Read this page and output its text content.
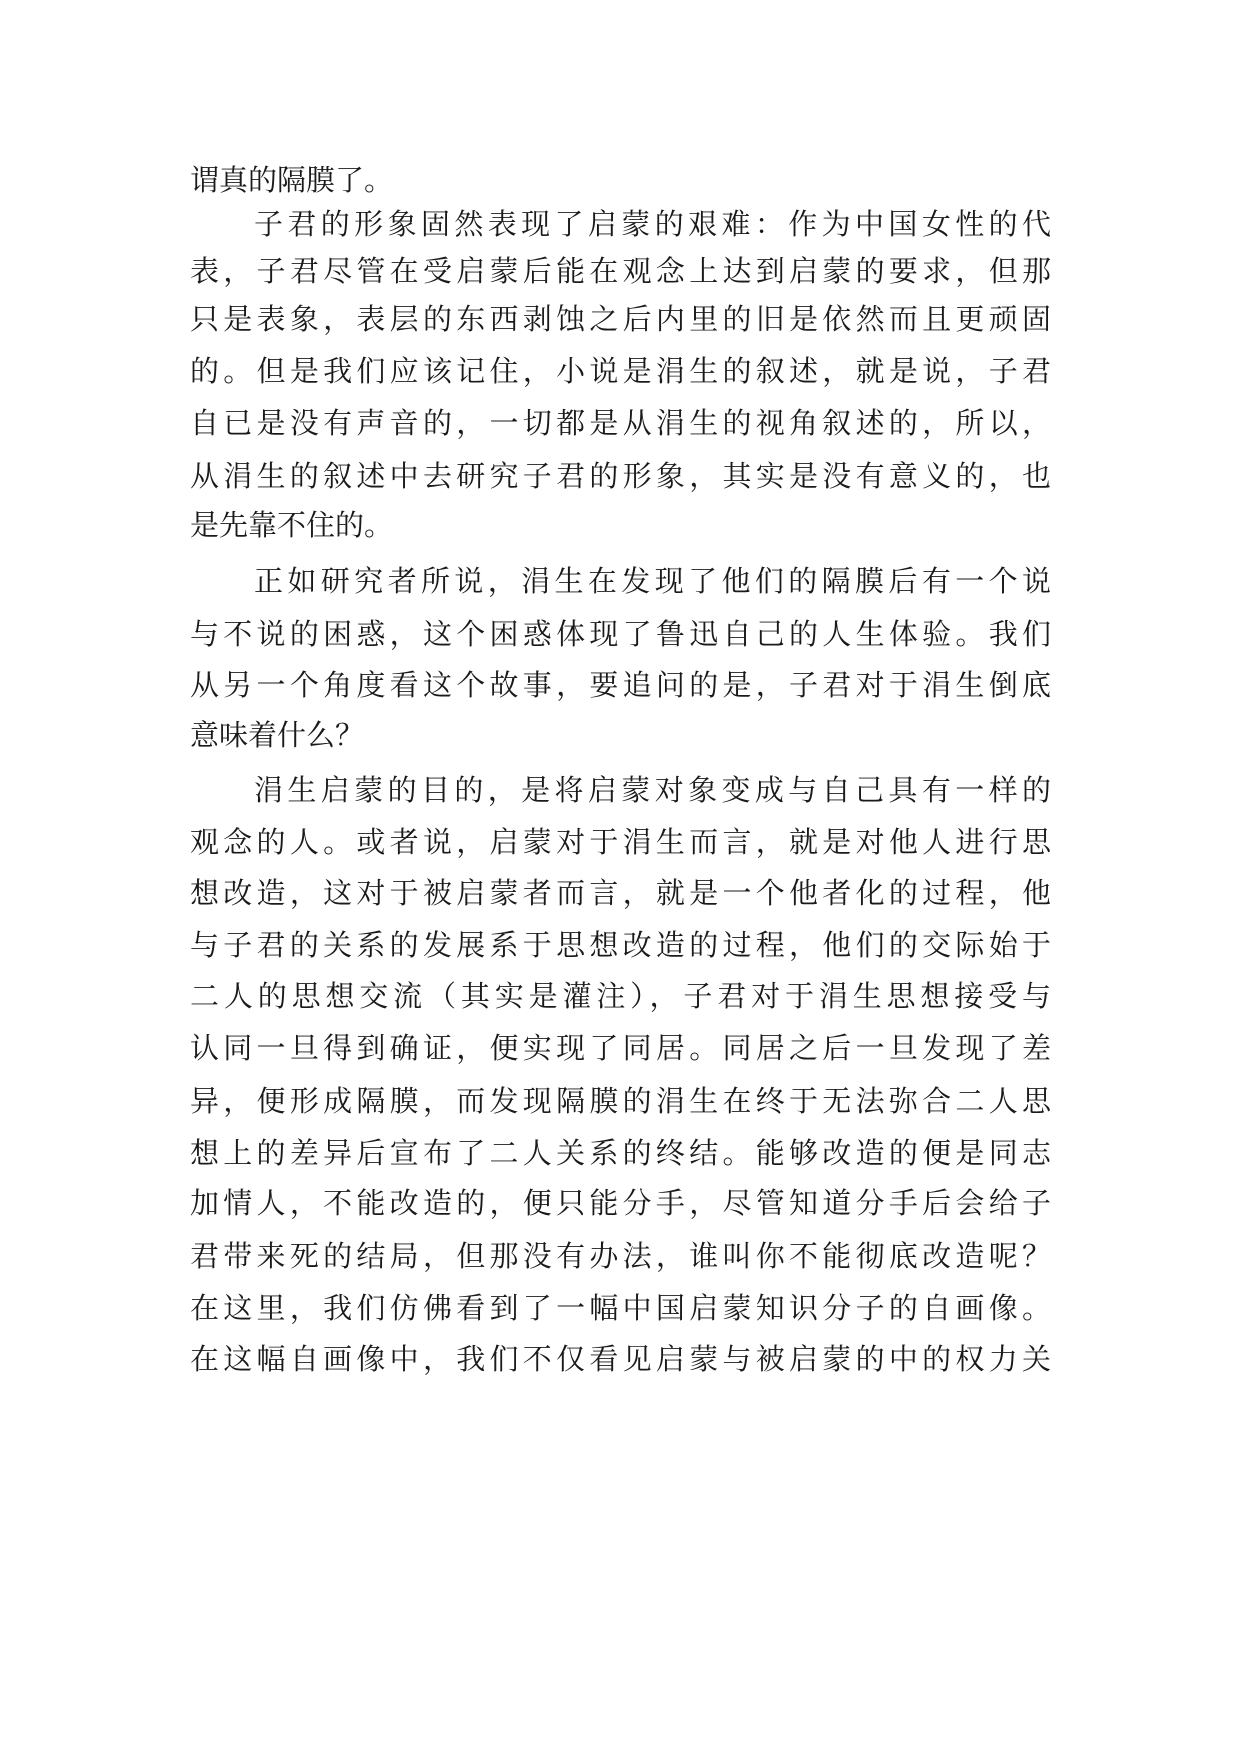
谓真的隔膜了。
子君的形象固然表现了启蒙的艰难：作为中国女性的代
表，子君尽管在受启蒙后能在观念上达到启蒙的要求，但那
只是表象，表层的东西剥蚀之后内里的旧是依然而且更顽固
的。但是我们应该记住，小说是涓生的叙述，就是说，子君
自已是没有声音的，一切都是从涓生的视角叙述的，所以，
从涓生的叙述中去研究子君的形象，其实是没有意义的，也
是先靠不住的。
正如研究者所说，涓生在发现了他们的隔膜后有一个说
与不说的困惑，这个困惑体现了鲁迅自己的人生体验。我们
从另一个角度看这个故事，要追问的是，子君对于涓生倒底
意味着什么？
涓生启蒙的目的，是将启蒙对象变成与自己具有一样的
观念的人。或者说，启蒙对于涓生而言，就是对他人进行思
想改造，这对于被启蒙者而言，就是一个他者化的过程，他
与子君的关系的发展系于思想改造的过程，他们的交际始于
二人的思想交流（其实是灌注），子君对于涓生思想接受与
认同一旦得到确证，便实现了同居。同居之后一旦发现了差
异，便形成隔膜，而发现隔膜的涓生在终于无法弥合二人思
想上的差异后宣布了二人关系的终结。能够改造的便是同志
加情人，不能改造的，便只能分手，尽管知道分手后会给子
君带来死的结局，但那没有办法，谁叫你不能彻底改造呢？
在这里，我们仿佛看到了一幅中国启蒙知识分子的自画像。
在这幅自画像中，我们不仅看见启蒙与被启蒙的中的权力关
